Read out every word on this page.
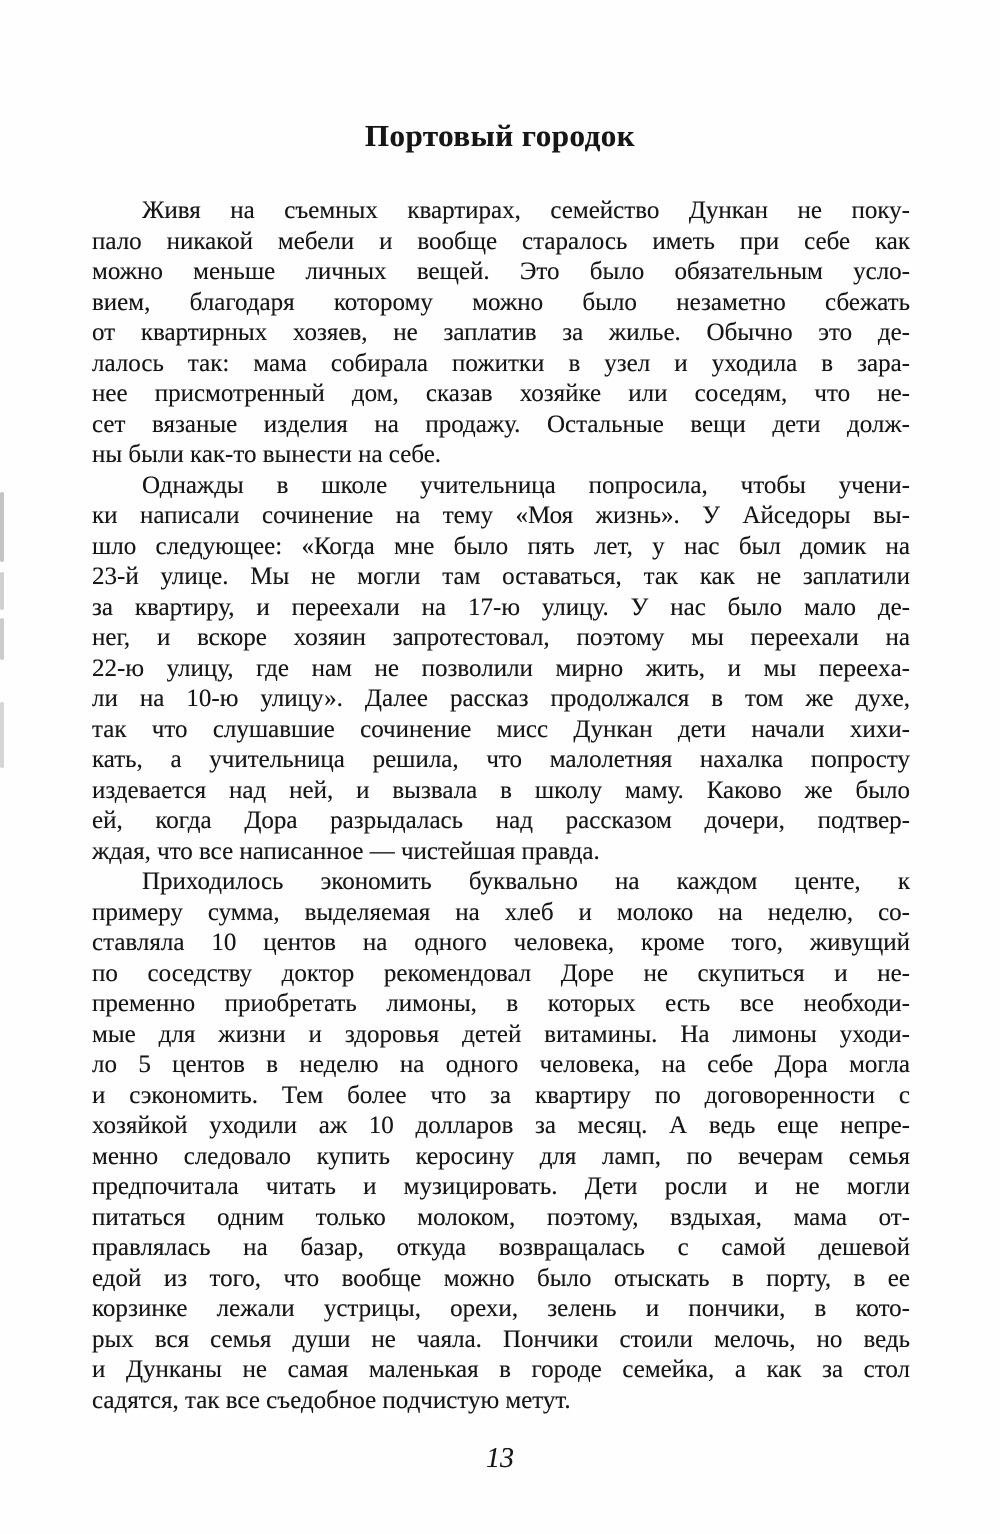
Портовый городок
Живя на съемных квартирах, семейство Дункан не поку-
пало никакой мебели и вообще старалось иметь при себе как
можно меньше личных вещей. Это было обязательным усло-
вием, благодаря которому можно было незаметно сбежать
от квартирных хозяев, не заплатив за жилье. Обычно это де-
лалось так: мама собирала пожитки в узел и уходила в зара-
нее присмотренный дом, сказав хозяйке или соседям, что не-
сет вязаные изделия на продажу. Остальные вещи дети долж-
ны были как-то вынести на себе.
Однажды в школе учительница попросила, чтобы учени-
ки написали сочинение на тему «Моя жизнь». У Айседоры вы-
шло следующее: «Когда мне было пять лет, у нас был домик на
23-й улице. Мы не могли там оставаться, так как не заплатили
за квартиру, и переехали на 17-ю улицу. У нас было мало де-
нег, и вскоре хозяин запротестовал, поэтому мы переехали на
22-ю улицу, где нам не позволили мирно жить, и мы переexа-
ли на 10-ю улицу». Далее рассказ продолжался в том же духе,
так что слушавшие сочинение мисс Дункан дети начали хихи-
кать, а учительница решила, что малолетняя нахалка попросту
издевается над ней, и вызвала в школу маму. Каково же было
ей, когда Дора разрыдалась над рассказом дочери, подтвер-
ждая, что все написанное — чистейшая правда.
Приходилось экономить буквально на каждом центе, к
примеру сумма, выделяемая на хлеб и молоко на неделю, со-
ставляла 10 центов на одного человека, кроме того, живущий
по соседству доктор рекомендовал Доре не скупиться и не-
пременно приобретать лимоны, в которых есть все необходи-
мые для жизни и здоровья детей витамины. На лимоны уходи-
ло 5 центов в неделю на одного человека, на себе Дора могла
и сэкономить. Тем более что за квартиру по договоренности с
хозяйкой уходили аж 10 долларов за месяц. А ведь еще непре-
менно следовало купить керосину для ламп, по вечерам семья
предпочитала читать и музицировать. Дети росли и не могли
питаться одним только молоком, поэтому, вздыхая, мама от-
правлялась на базар, откуда возвращалась с самой дешевой
едой из того, что вообще можно было отыскать в порту, в ее
корзинке лежали устрицы, орехи, зелень и пончики, в кото-
рых вся семья души не чаяла. Пончики стоили мелочь, но ведь
и Дунканы не самая маленькая в городе семейка, а как за стол
садятся, так все съедобное подчистую метут.
13
